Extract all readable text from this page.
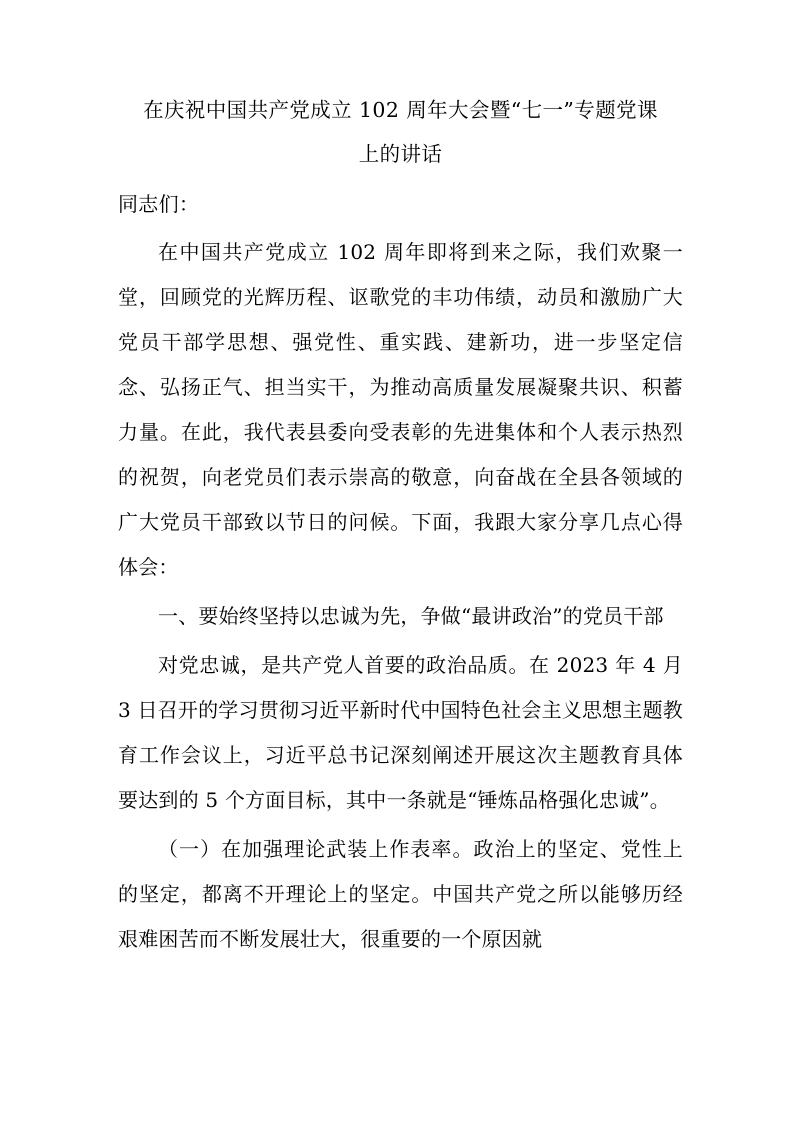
在庆祝中国共产党成立 102 周年大会暨“七一”专题党课
上的讲话
同志们：

在中国共产党成立 102 周年即将到来之际，我们欢聚一堂，回顾党的光辉历程、讴歌党的丰功伟绩，动员和激励广大党员干部学思想、强党性、重实践、建新功，进一步坚定信念、弘扬正气、担当实干，为推动高质量发展凝聚共识、积蓄力量。在此，我代表县委向受表彰的先进集体和个人表示热烈的祝贺，向老党员们表示崇高的敬意，向奋战在全县各领域的广大党员干部致以节日的问候。下面，我跟大家分享几点心得体会：

一、要始终坚持以忠诚为先，争做“最讲政治”的党员干部

对党忠诚，是共产党人首要的政治品质。在 2023 年 4 月 3 日召开的学习贯彻习近平新时代中国特色社会主义思想主题教育工作会议上，习近平总书记深刻阐述开展这次主题教育具体要达到的 5 个方面目标，其中一条就是“锤炼品格强化忠诚”。

（一）在加强理论武装上作表率。政治上的坚定、党性上的坚定，都离不开理论上的坚定。中国共产党之所以能够历经艰难困苦而不断发展壮大，很重要的一个原因就
